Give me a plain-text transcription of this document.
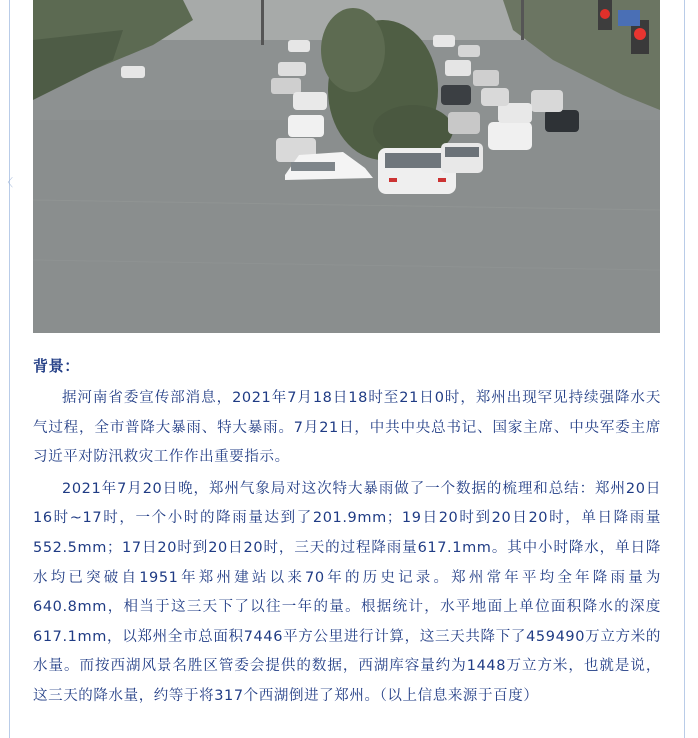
〈

背景：

据河南省委宣传部消息，2021年7月18日18时至21日0时，郑州出现罕见持续强降水天气过程，全市普降大暴雨、特大暴雨。7月21日，中共中央总书记、国家主席、中央军委主席习近平对防汛救灾工作作出重要指示。

2021年7月20日晚，郑州气象局对这次特大暴雨做了一个数据的梳理和总结：郑州20日16时~17时，一个小时的降雨量达到了201.9mm；19日20时到20日20时，单日降雨量552.5mm；17日20时到20日20时，三天的过程降雨量617.1mm。其中小时降水，单日降水均已突破自1951年郑州建站以来70年的历史记录。郑州常年平均全年降雨量为640.8mm，相当于这三天下了以往一年的量。根据统计，水平地面上单位面积降水的深度617.1mm，以郑州全市总面积7446平方公里进行计算，这三天共降下了459490万立方米的水量。而按西湖风景名胜区管委会提供的数据，西湖库容量约为1448万立方米，也就是说，这三天的降水量，约等于将317个西湖倒进了郑州。（以上信息来源于百度）
